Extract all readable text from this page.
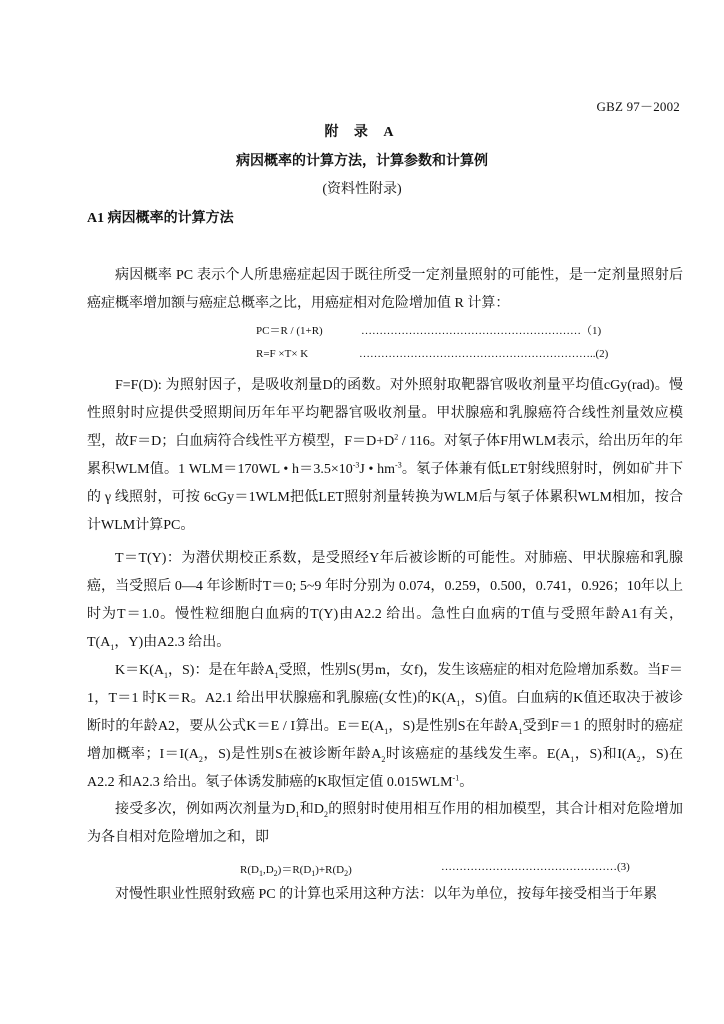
GBZ 97－2002
附 录 A
病因概率的计算方法，计算参数和计算例
(资料性附录)
A1 病因概率的计算方法

病因概率 PC 表示个人所患癌症起因于既往所受一定剂量照射的可能性，是一定剂量照射后癌症概率增加额与癌症总概率之比，用癌症相对危险增加值 R 计算：

PC＝R / (1+R)	……………………………………………………（1)
R=F ×T× K	………………………………………………………..(2)

F=F(D): 为照射因子，是吸收剂量D的函数。对外照射取靶器官吸收剂量平均值cGy(rad)。慢性照射时应提供受照期间历年年平均靶器官吸收剂量。甲状腺癌和乳腺癌符合线性剂量效应模型，故F＝D；白血病符合线性平方模型，$F=D+D^2 / 116$。对氡子体F用WLM表示，给出历年的年累积WLM值。1 WLM＝170WL • $h=3.5\times 10^{-3}J$ • $hm^{-3}$。氡子体兼有低LET射线照射时，例如矿井下的 γ 线照射，可按 6cGy＝1WLM把低LET照射剂量转换为WLM后与氡子体累积WLM相加，按合计WLM计算PC。

T＝T(Y)：为潜伏期校正系数，是受照经Y年后被诊断的可能性。对肺癌、甲状腺癌和乳腺癌，当受照后 0—4 年诊断时T＝0; 5~9 年时分别为 0.074，0.259，0.500，0.741，0.926；10年以上时为T＝1.0。慢性粒细胞白血病的T(Y)由A2.2 给出。急性白血病的T值与受照年龄A1有关，$T(A_1$，Y)由A2.3 给出。

$K=K(A_1$，S)：是在年龄$A_1$受照，性别S(男m，女f)，发生该癌症的相对危险增加系数。当F＝1，T＝1 时K＝R。A2.1 给出甲状腺癌和乳腺癌(女性)的$K(A_1$，S)值。白血病的K值还取决于被诊断时的年龄A2，要从公式K＝E / I算出。$E=E(A_1$，S)是性别S在年龄$A_1$受到F＝1 的照射时的癌症增加概率；$I=I(A_2$，S)是性别S在被诊断年龄$A_2$时该癌症的基线发生率。$E(A_1$，S)和$I(A_2$，S)在A2.2 和A2.3 给出。氡子体诱发肺癌的K取恒定值 $0.015WLM^{-1}$。

接受多次，例如两次剂量为$D_1$和$D_2$的照射时使用相互作用的相加模型，其合计相对危险增加为各自相对危险增加之和，即

$R(D_1,D_2)=R(D_1)+R(D_2)$	…………………………………………(3)

对慢性职业性照射致癌 PC 的计算也采用这种方法：以年为单位，按每年接受相当于年累
